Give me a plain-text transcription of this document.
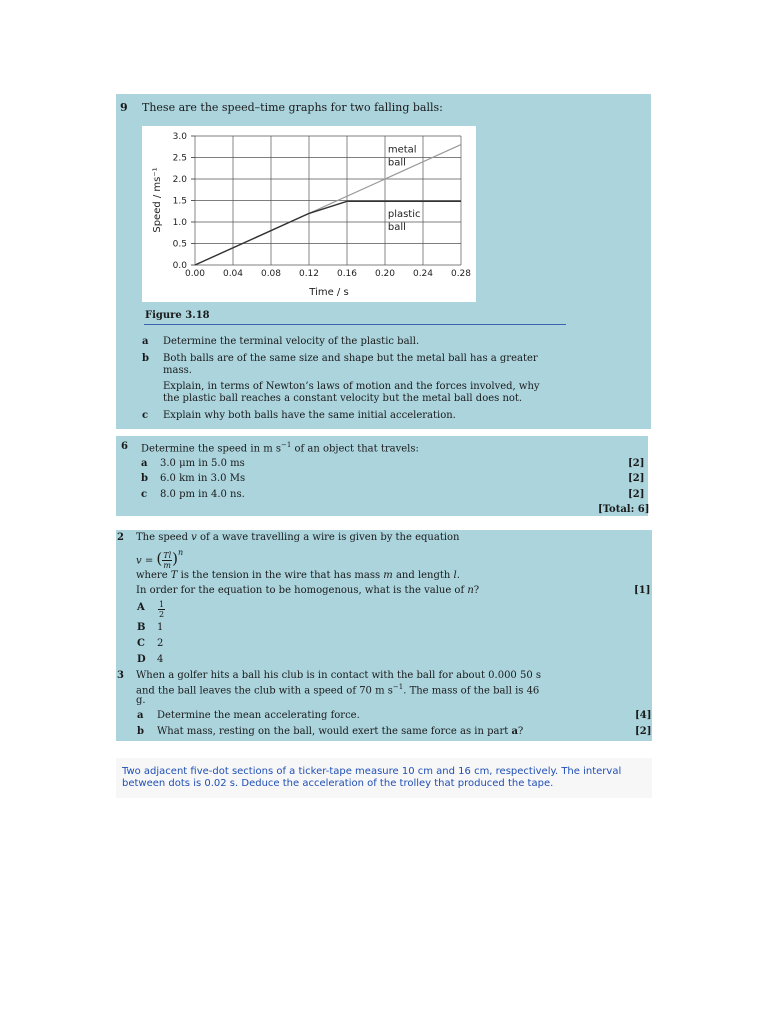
9 These are the speed–time graphs for two falling balls:
0.00 0.04 0.08 0.12 0.16 0.20 0.24 0.28
0.0
0.5
1.0
1.5
2.0
2.5
3.0
metal
ball
plastic
ball
Time / s
Speed / ms⁻¹
Figure 3.18
a Determine the terminal velocity of the plastic ball.
b Both balls are of the same size and shape but the metal ball has a greater
mass.
Explain, in terms of Newton’s laws of motion and the forces involved, why
the plastic ball reaches a constant velocity but the metal ball does not.
c Explain why both balls have the same initial acceleration.
6 Determine the speed in m $s^{-1}$ of an object that travels:
a 3.0 μm in 5.0 ms	[2]
b 6.0 km in 3.0 Ms	[2]
c 8.0 pm in 4.0 ns.	[2]
[Total: 6]
2 The speed v of a wave travelling a wire is given by the equation
v = ( $\frac{Tl}{m} )^n$
where T is the tension in the wire that has mass m and length l.
In order for the equation to be homogenous, what is the value of n?	[1]
A $\frac{1}{2}$
B 1
C 2
D 4
3 When a golfer hits a ball his club is in contact with the ball for about 0.000 50 s
and the ball leaves the club with a speed of 70 m $s^{-1}$. The mass of the ball is 46
g.
a Determine the mean accelerating force.	[4]
b What mass, resting on the ball, would exert the same force as in part a?	[2]
Two adjacent five-dot sections of a ticker-tape measure 10 cm and 16 cm, respectively. The interval between dots is 0.02 s. Deduce the acceleration of the trolley that produced the tape.
